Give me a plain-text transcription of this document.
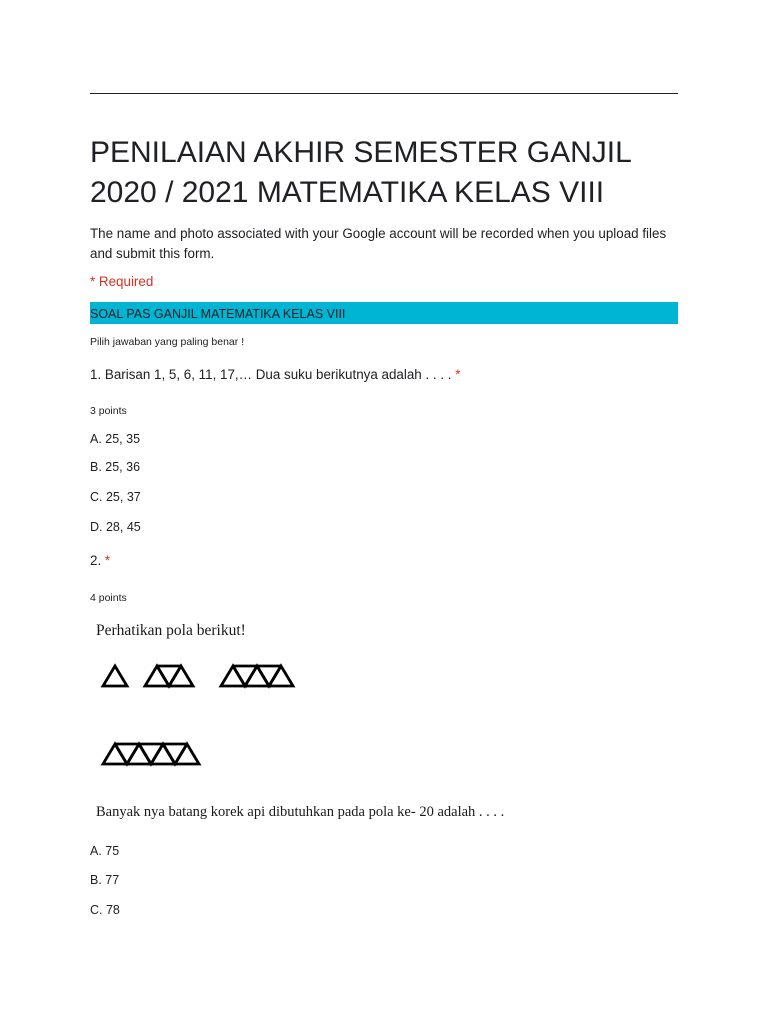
PENILAIAN AKHIR SEMESTER GANJIL 2020 / 2021 MATEMATIKA KELAS VIII
The name and photo associated with your Google account will be recorded when you upload files and submit this form.
* Required
SOAL PAS GANJIL MATEMATIKA KELAS VIII
Pilih jawaban yang paling benar !
1. Barisan 1, 5, 6, 11, 17,… Dua suku berikutnya adalah . . . . *
3 points
A. 25, 35
B. 25, 36
C. 25, 37
D. 28, 45
2. *
4 points
Perhatikan pola berikut!
Banyak nya batang korek api dibutuhkan pada pola ke- 20 adalah . . . .
A. 75
B. 77
C. 78
